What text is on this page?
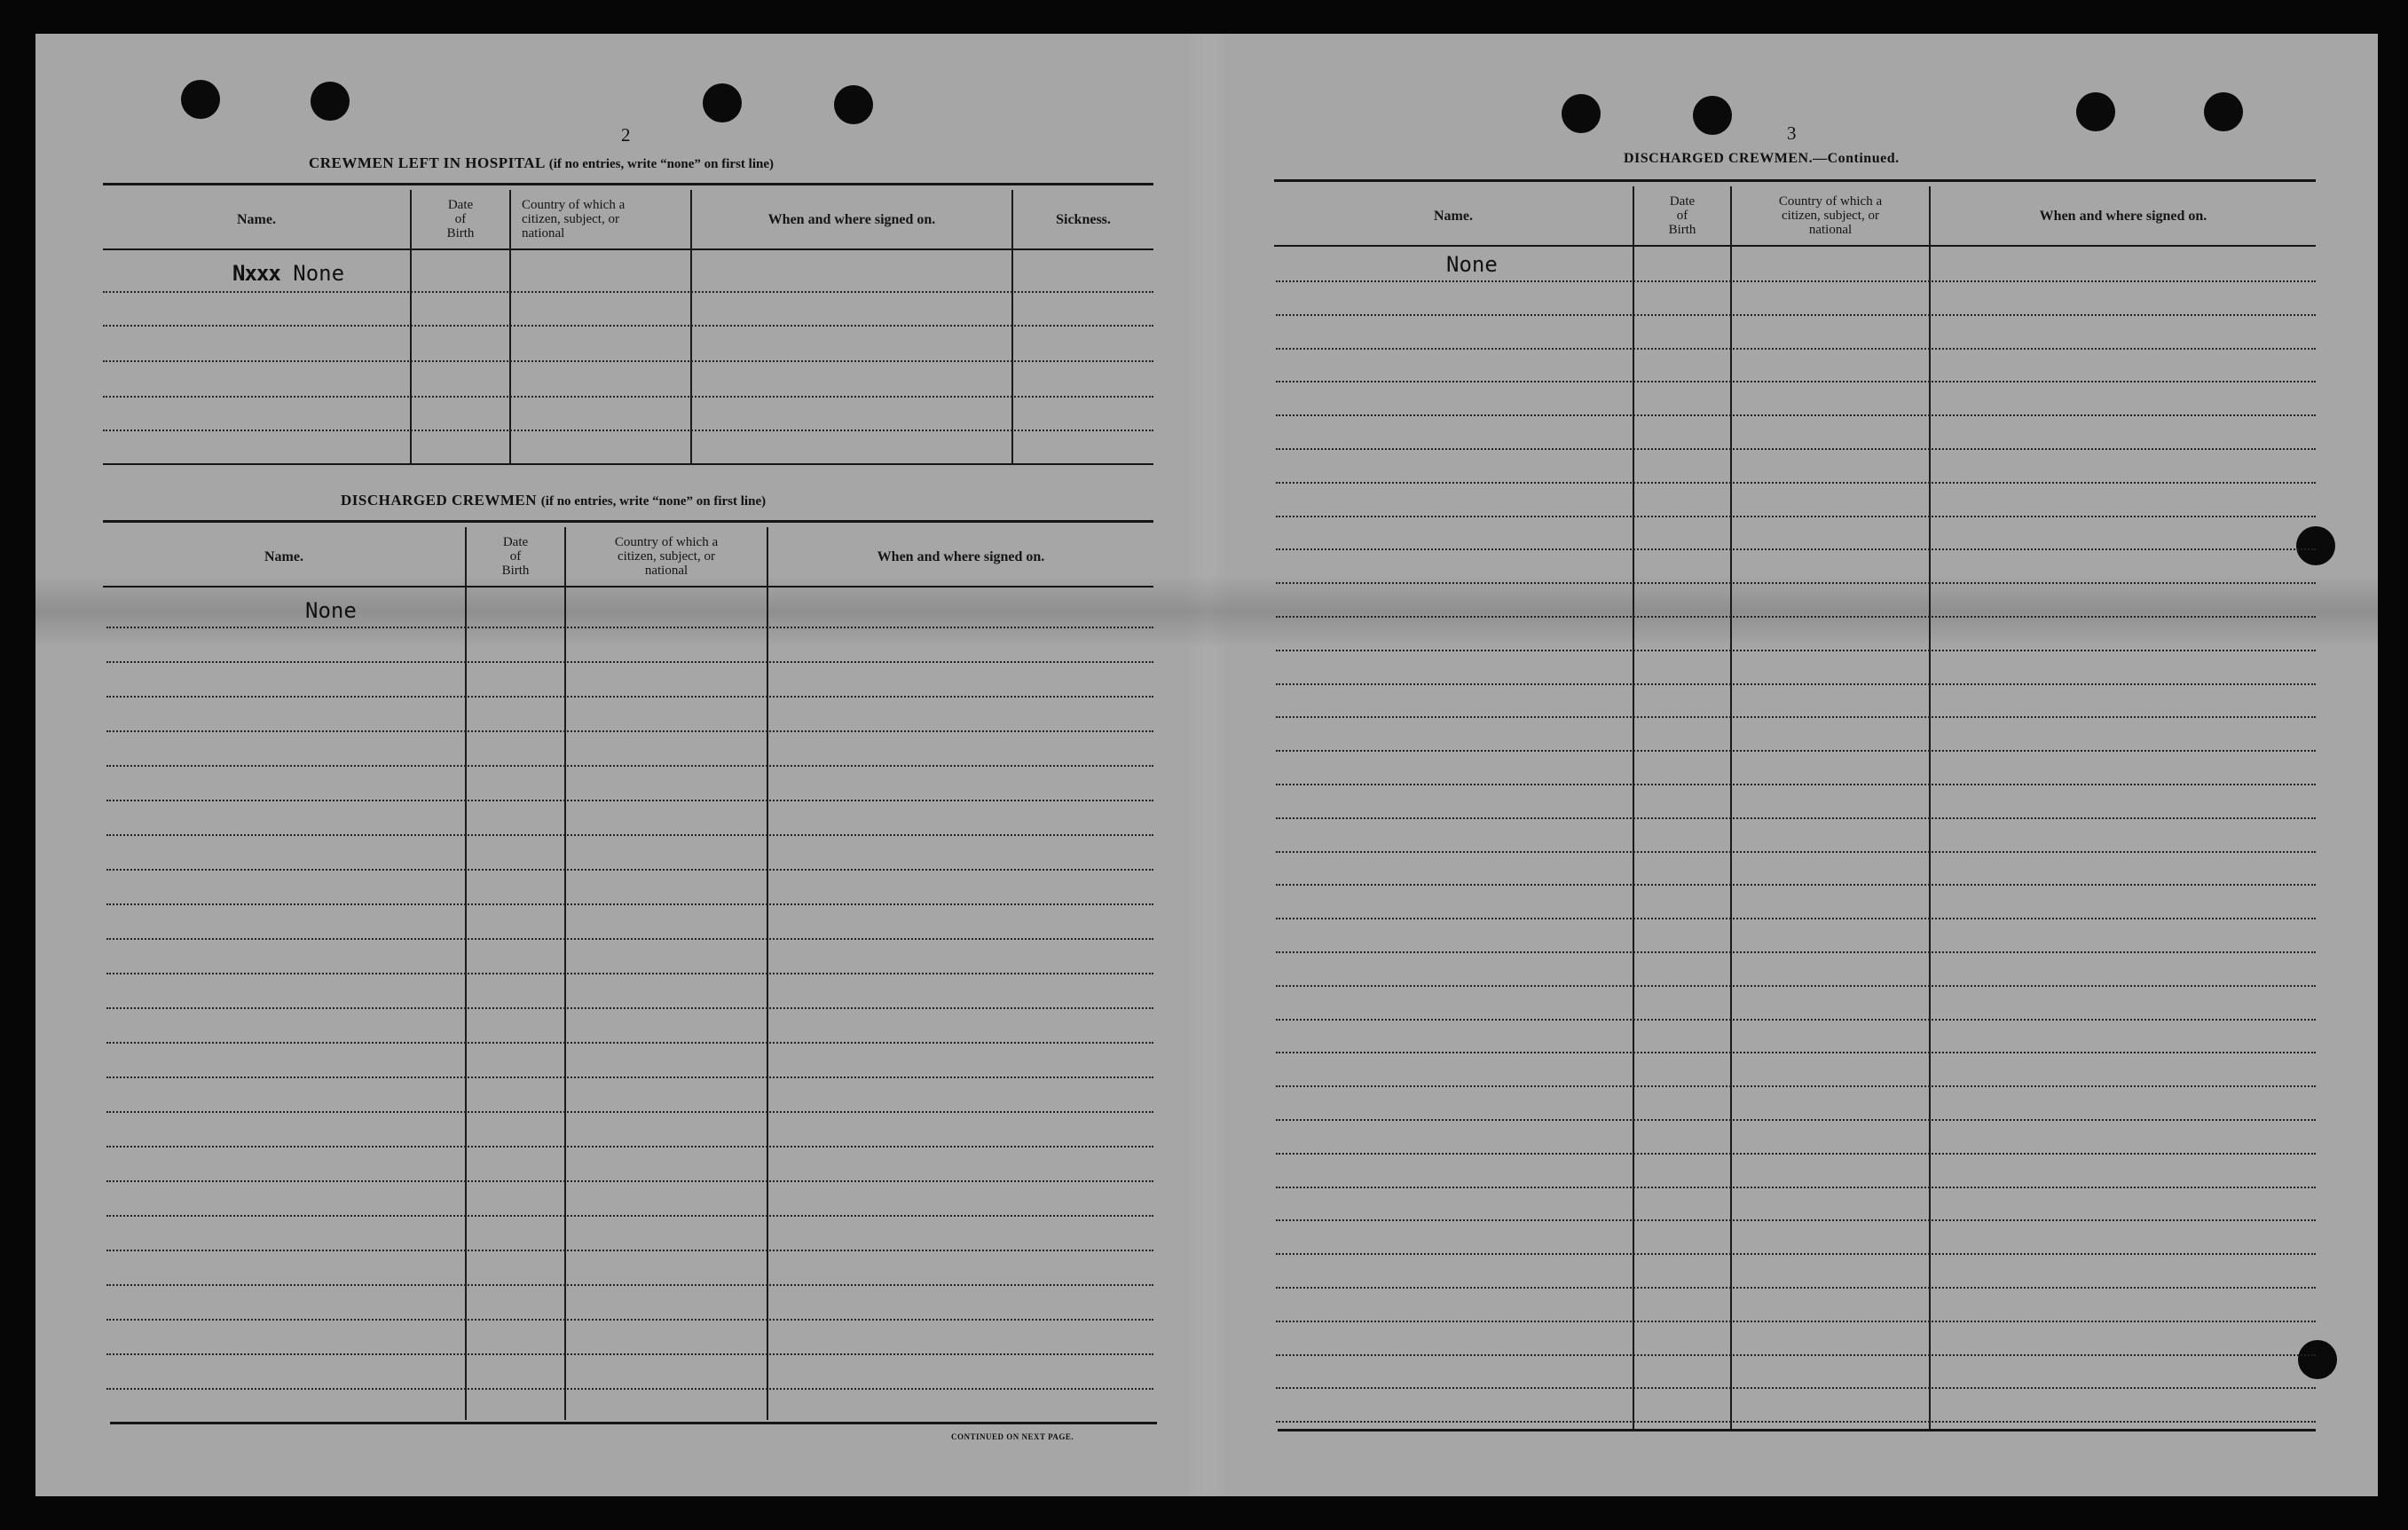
2
CREWMEN LEFT IN HOSPITAL (if no entries, write “none” on first line)
Name.
Date
of
Birth
Country of which a
citizen, subject, or
national
When and where signed on.	Sickness.
Nxxx None
DISCHARGED CREWMEN (if no entries, write “none” on first line)
Name.
Date
of
Birth
Country of which a
citizen, subject, or
national
When and where signed on.
None
CONTINUED ON NEXT PAGE.
3
DISCHARGED CREWMEN.—Continued.
Name.
Date
of
Birth
Country of which a
citizen, subject, or
national
When and where signed on.
None
